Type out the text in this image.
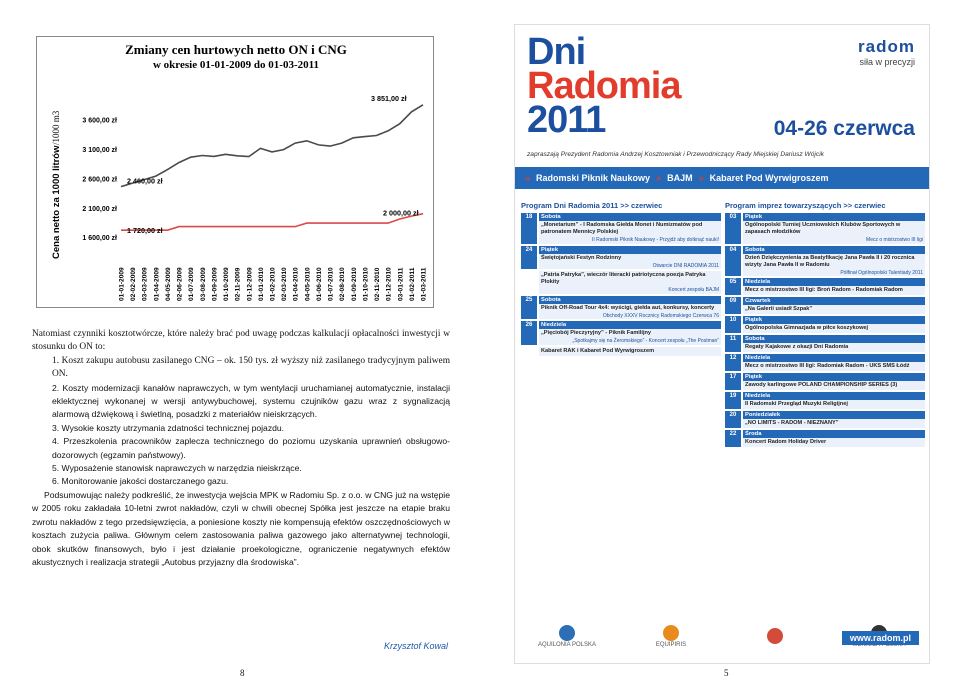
Zmiany cen hurtowych netto ON i CNG
w okresie 01-01-2009 do 01-03-2011
Cena netto za 1000 litrów
/1000 m3
1 600,00 zł
2 100,00 zł
2 600,00 zł
3 100,00 zł
3 600,00 zł
01-01-2009 02-02-2009 03-03-2009 01-04-2009 04-05-2009 02-06-2009 01-07-2009 03-08-2009 01-09-2009 01-10-2009 02-11-2009 01-12-2009 01-01-2010 01-02-2010 02-03-2010 01-04-2010 04-05-2010 01-06-2010 01-07-2010 02-08-2010 01-09-2010 01-10-2010 02-11-2010 01-12-2010 03-01-2011 01-02-2011 01-03-2011
1 720,00 zł
2 460,00 zł
3 851,00 zł
2 000,00 zł

Natomiast czynniki kosztotwórcze, które należy brać pod uwagę podczas kalkulacji opłacalności inwestycji w stosunku do ON to:

1. Koszt zakupu autobusu zasilanego CNG – ok. 150 tys. zł wyższy niż zasilanego tradycyjnym paliwem ON.

2. Koszty modernizacji kanałów naprawczych, w tym wentylacji uruchamianej automatycznie, instalacji eklektycznej wykonanej w wersji antywybuchowej, systemu czujników gazu wraz z sygnalizacją alarmową dźwiękową i świetlną, posadzki z materiałów nieiskrzących.

3. Wysokie koszty utrzymania zdatności technicznej pojazdu.

4. Przeszkolenia pracowników zaplecza technicznego do poziomu uzyskania uprawnień obsługowo-dozorowych (egzamin państwowy).

5. Wyposażenie stanowisk naprawczych w narzędzia nieiskrzące.

6. Monitorowanie jakości dostarczanego gazu.

Podsumowując należy podkreślić, że inwestycja wejścia MPK w Radomiu Sp. z o.o. w CNG już na wstępie w 2005 roku zakładała 10-letni zwrot nakładów, czyli w chwili obecnej Spółka jest jeszcze na etapie braku zwrotu nakładów z tego przedsięwzięcia, a poniesione koszty nie kompensują efektów oszczędnościowych w kosztach zużycia paliwa. Głównym celem zastosowania paliwa gazowego jako alternatywnej technologii, obok skutków finansowych, było i jest działanie proekologiczne, ograniczenie negatywnych efektów akustycznych i realizacja strategii „Autobus przyjazny dla środowiska”.

Krzysztof Kowal
8
Dni
Radomia
2011
radom
siła w precyzji
04-26 czerwca
zapraszają Prezydent Radomia Andrzej Kosztowniak i Przewodniczący Rady Miejskiej Dariusz Wójcik
» Radomski Piknik Naukowy » BAJM » Kabaret Pod Wyrwigroszem
Program Dni Radomia 2011 >> czerwiec
18	Sobota
„Monetarium” - I Radomska Giełda Monet i Numizmatów pod patronatem Mennicy Polskiej
II Radomski Piknik Naukowy - Przyjdź aby dotknąć nauki!
24	Piątek
Świętojański Festyn Rodzinny
Otwarcie DNI RADOMIA 2011
„Patria Patrykа”, wieczór literacki patriotyczna poezja Patryka Plokity
Koncert zespołu BAJM
25	Sobota
Piknik Off-Road Tour 4x4: wyścigi, giełda aut, konkursy, koncerty
Obchody XXXV Rocznicy Radomskiego Czerwca 76
26	Niedziela
„Pięciobój Pieczyryjny” - Piknik Familijny
„Spotkajmy się na Żeromskiego” - Koncert zespołu „The Postman”
Kabaret RAK i Kabaret Pod Wyrwigroszem
Program imprez towarzyszących >> czerwiec
03	Piątek
Ogólnopolski Turniej Uczniowskich Klubów Sportowych w zapasach młodzików
Mecz o mistrzostwo III ligi
04	Sobota
Dzień Dziękczynienia za Beatyfikację Jana Pawła II i 20 rocznica wizyty Jana Pawła II w Radomiu
Półfinał Ogólnopolski Talentiady 2011
05	Niedziela
Mecz o mistrzostwo III ligi: Broń Radom - Radomiak Radom
09	Czwartek
„Na Galerii usiadł Szpak”
10	Piątek
Ogólnopolska Gimnazjada w piłce koszykowej
11	Sobota
Regaty Kajakowe z okazji Dni Radomia
12	Niedziela
Mecz o mistrzostwo III ligi: Radomiak Radom - UKS SMS Łódź
17	Piątek
Zawody karlingowe POLAND CHAMPIONSHIP SERIES (3)
19	Niedziela
II Radomski Przegląd Muzyki Religijnej
20	Poniedziałek
„NO LIMITS - RADOM - NIEZNANY”
22	Środa
Koncert Radom Holiday Driver
AQUILONIA POLSKA	EQUIPIRIS
www.radom.pl
5
